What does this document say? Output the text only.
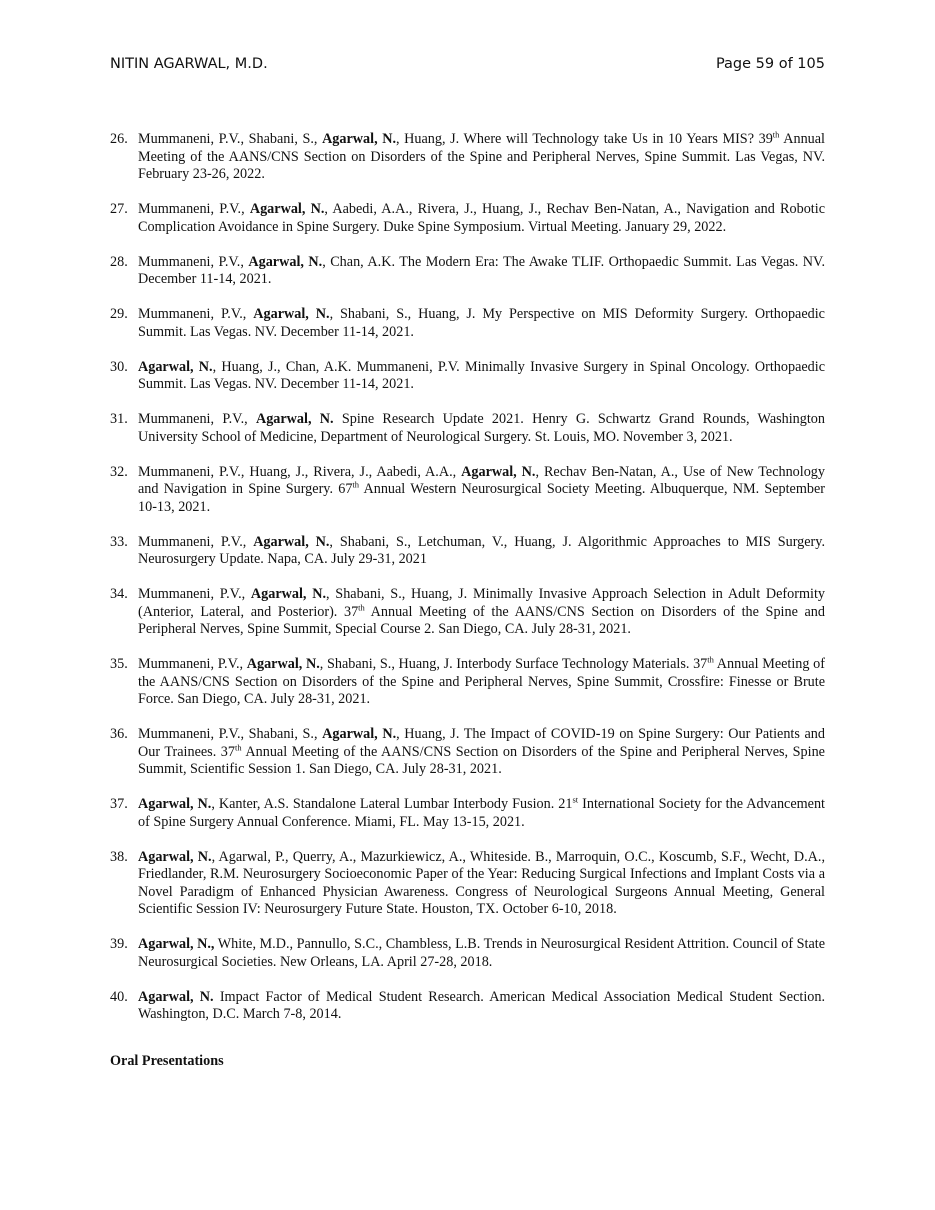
NITIN AGARWAL, M.D.	Page 59 of 105
26. Mummaneni, P.V., Shabani, S., Agarwal, N., Huang, J. Where will Technology take Us in 10 Years MIS? 39th Annual Meeting of the AANS/CNS Section on Disorders of the Spine and Peripheral Nerves, Spine Summit. Las Vegas, NV. February 23-26, 2022.
27. Mummaneni, P.V., Agarwal, N., Aabedi, A.A., Rivera, J., Huang, J., Rechav Ben-Natan, A., Navigation and Robotic Complication Avoidance in Spine Surgery. Duke Spine Symposium. Virtual Meeting. January 29, 2022.
28. Mummaneni, P.V., Agarwal, N., Chan, A.K. The Modern Era: The Awake TLIF. Orthopaedic Summit. Las Vegas. NV. December 11-14, 2021.
29. Mummaneni, P.V., Agarwal, N., Shabani, S., Huang, J. My Perspective on MIS Deformity Surgery. Orthopaedic Summit. Las Vegas. NV. December 11-14, 2021.
30. Agarwal, N., Huang, J., Chan, A.K. Mummaneni, P.V. Minimally Invasive Surgery in Spinal Oncology. Orthopaedic Summit. Las Vegas. NV. December 11-14, 2021.
31. Mummaneni, P.V., Agarwal, N. Spine Research Update 2021. Henry G. Schwartz Grand Rounds, Washington University School of Medicine, Department of Neurological Surgery. St. Louis, MO. November 3, 2021.
32. Mummaneni, P.V., Huang, J., Rivera, J., Aabedi, A.A., Agarwal, N., Rechav Ben-Natan, A., Use of New Technology and Navigation in Spine Surgery. 67th Annual Western Neurosurgical Society Meeting. Albuquerque, NM. September 10-13, 2021.
33. Mummaneni, P.V., Agarwal, N., Shabani, S., Letchuman, V., Huang, J. Algorithmic Approaches to MIS Surgery. Neurosurgery Update. Napa, CA. July 29-31, 2021
34. Mummaneni, P.V., Agarwal, N., Shabani, S., Huang, J. Minimally Invasive Approach Selection in Adult Deformity (Anterior, Lateral, and Posterior). 37th Annual Meeting of the AANS/CNS Section on Disorders of the Spine and Peripheral Nerves, Spine Summit, Special Course 2. San Diego, CA. July 28-31, 2021.
35. Mummaneni, P.V., Agarwal, N., Shabani, S., Huang, J. Interbody Surface Technology Materials. 37th Annual Meeting of the AANS/CNS Section on Disorders of the Spine and Peripheral Nerves, Spine Summit, Crossfire: Finesse or Brute Force. San Diego, CA. July 28-31, 2021.
36. Mummaneni, P.V., Shabani, S., Agarwal, N., Huang, J. The Impact of COVID-19 on Spine Surgery: Our Patients and Our Trainees. 37th Annual Meeting of the AANS/CNS Section on Disorders of the Spine and Peripheral Nerves, Spine Summit, Scientific Session 1. San Diego, CA. July 28-31, 2021.
37. Agarwal, N., Kanter, A.S. Standalone Lateral Lumbar Interbody Fusion. 21st International Society for the Advancement of Spine Surgery Annual Conference. Miami, FL. May 13-15, 2021.
38. Agarwal, N., Agarwal, P., Querry, A., Mazurkiewicz, A., Whiteside. B., Marroquin, O.C., Koscumb, S.F., Wecht, D.A., Friedlander, R.M. Neurosurgery Socioeconomic Paper of the Year: Reducing Surgical Infections and Implant Costs via a Novel Paradigm of Enhanced Physician Awareness. Congress of Neurological Surgeons Annual Meeting, General Scientific Session IV: Neurosurgery Future State. Houston, TX. October 6-10, 2018.
39. Agarwal, N., White, M.D., Pannullo, S.C., Chambless, L.B. Trends in Neurosurgical Resident Attrition. Council of State Neurosurgical Societies. New Orleans, LA. April 27-28, 2018.
40. Agarwal, N. Impact Factor of Medical Student Research. American Medical Association Medical Student Section. Washington, D.C. March 7-8, 2014.
Oral Presentations
